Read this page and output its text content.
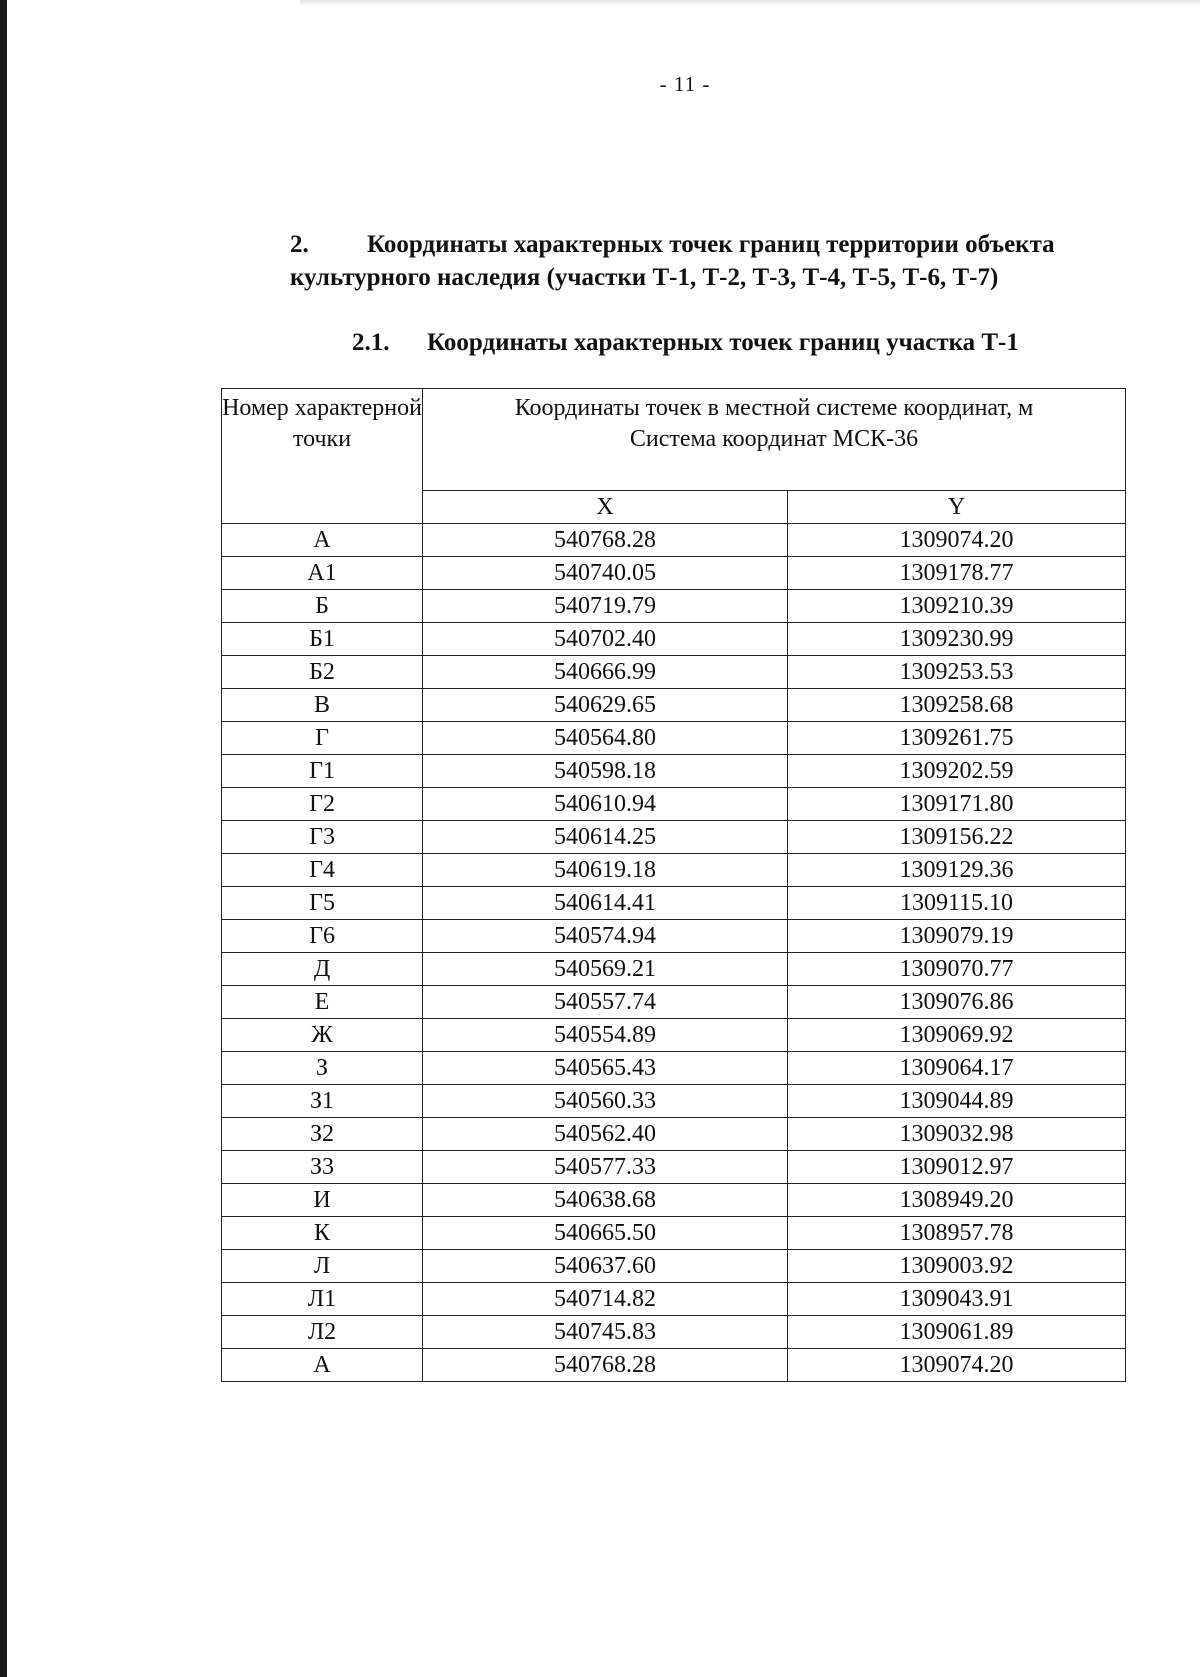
- 11 -
2. Координаты характерных точек границ территории объекта
культурного наследия (участки Т-1, Т-2, Т-3, Т-4, Т-5, Т-6, Т-7)
2.1. Координаты характерных точек границ участка Т-1
Номер характерной точки	Координаты точек в местной системе координат, м
Система координат МСК-36	

	X	Y
А	540768.28	1309074.20
А1	540740.05	1309178.77
Б	540719.79	1309210.39
Б1	540702.40	1309230.99
Б2	540666.99	1309253.53
В	540629.65	1309258.68
Г	540564.80	1309261.75
Г1	540598.18	1309202.59
Г2	540610.94	1309171.80
Г3	540614.25	1309156.22
Г4	540619.18	1309129.36
Г5	540614.41	1309115.10
Г6	540574.94	1309079.19
Д	540569.21	1309070.77
Е	540557.74	1309076.86
Ж	540554.89	1309069.92
З	540565.43	1309064.17
З1	540560.33	1309044.89
З2	540562.40	1309032.98
З3	540577.33	1309012.97
И	540638.68	1308949.20
К	540665.50	1308957.78
Л	540637.60	1309003.92
Л1	540714.82	1309043.91
Л2	540745.83	1309061.89
А	540768.28	1309074.20
